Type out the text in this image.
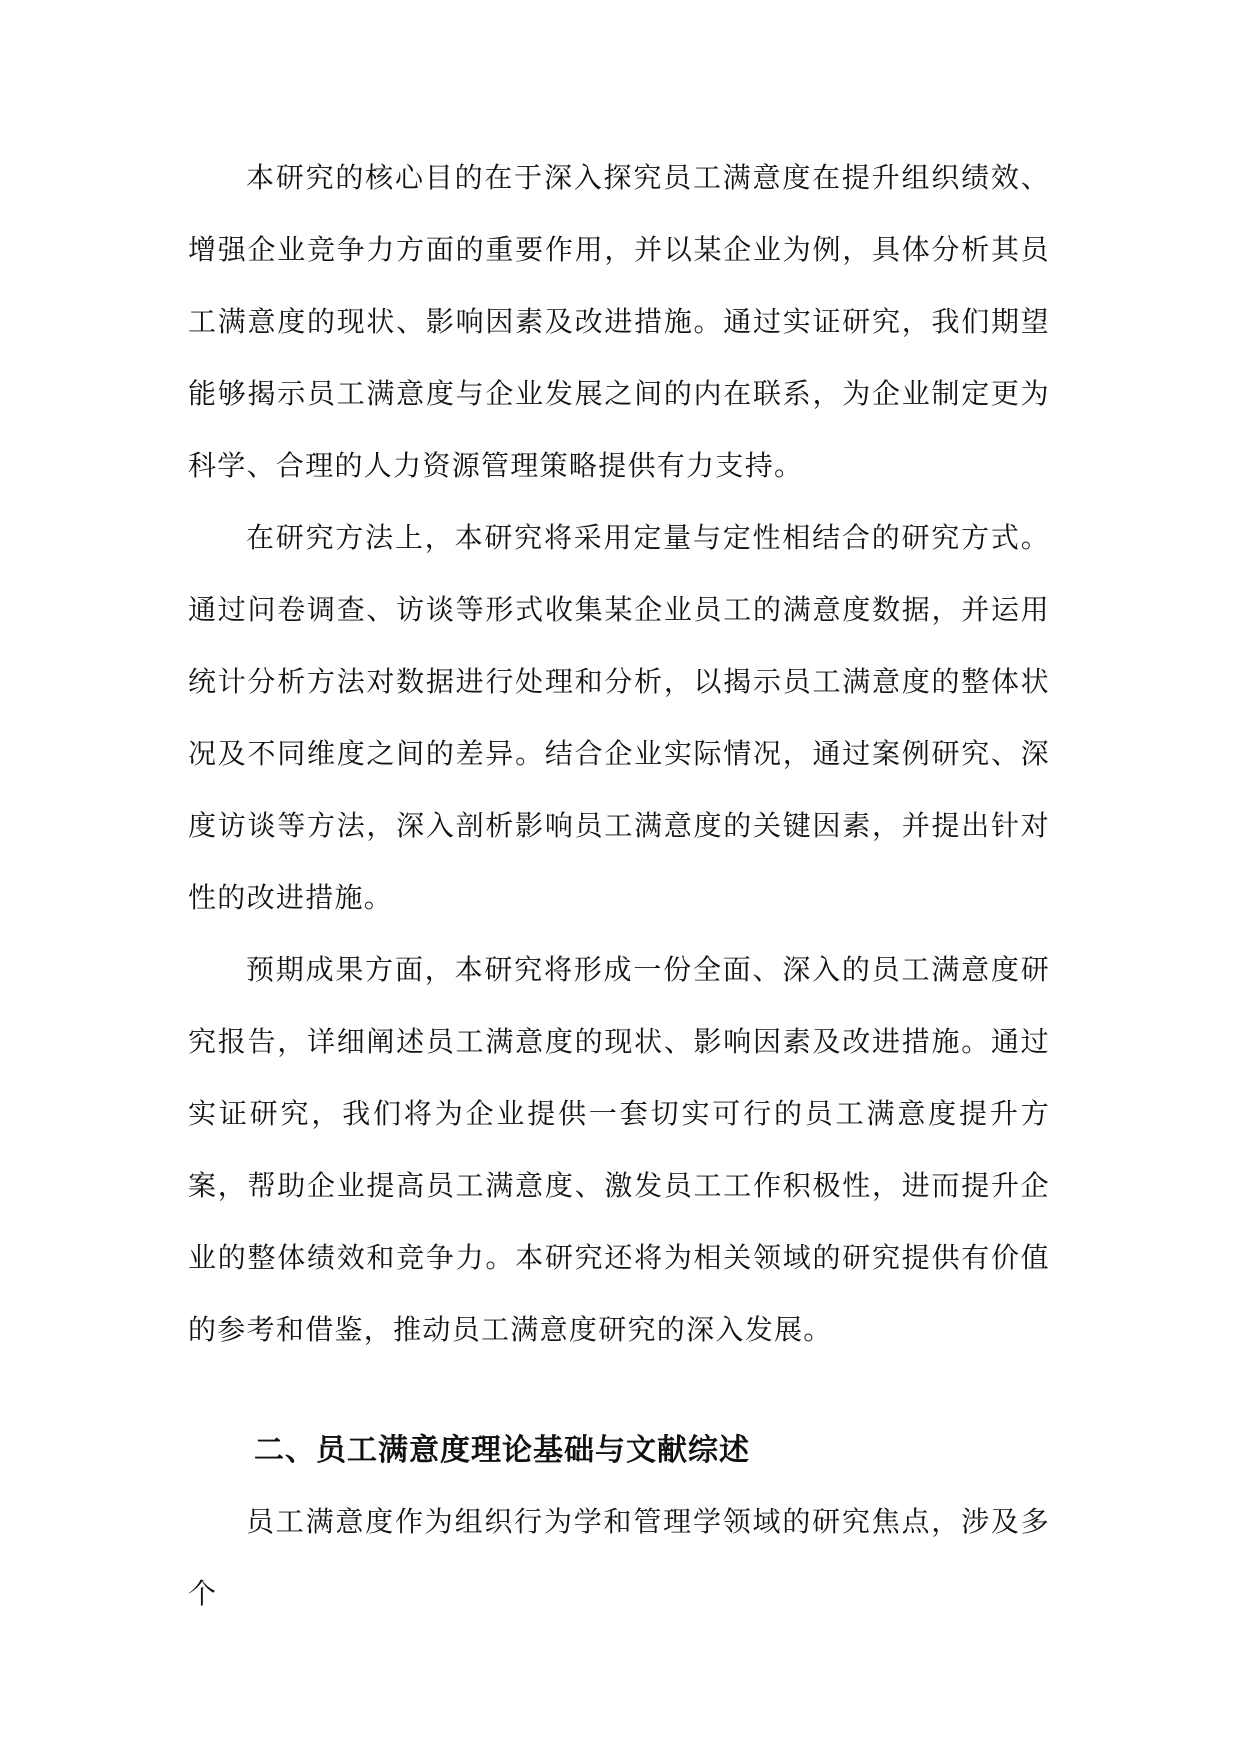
本研究的核心目的在于深入探究员工满意度在提升组织绩效、增强企业竞争力方面的重要作用，并以某企业为例，具体分析其员工满意度的现状、影响因素及改进措施。通过实证研究，我们期望能够揭示员工满意度与企业发展之间的内在联系，为企业制定更为科学、合理的人力资源管理策略提供有力支持。

在研究方法上，本研究将采用定量与定性相结合的研究方式。通过问卷调查、访谈等形式收集某企业员工的满意度数据，并运用统计分析方法对数据进行处理和分析，以揭示员工满意度的整体状况及不同维度之间的差异。结合企业实际情况，通过案例研究、深度访谈等方法，深入剖析影响员工满意度的关键因素，并提出针对性的改进措施。

预期成果方面，本研究将形成一份全面、深入的员工满意度研究报告，详细阐述员工满意度的现状、影响因素及改进措施。通过实证研究，我们将为企业提供一套切实可行的员工满意度提升方案，帮助企业提高员工满意度、激发员工工作积极性，进而提升企业的整体绩效和竞争力。本研究还将为相关领域的研究提供有价值的参考和借鉴，推动员工满意度研究的深入发展。

二、员工满意度理论基础与文献综述

员工满意度作为组织行为学和管理学领域的研究焦点，涉及多个
